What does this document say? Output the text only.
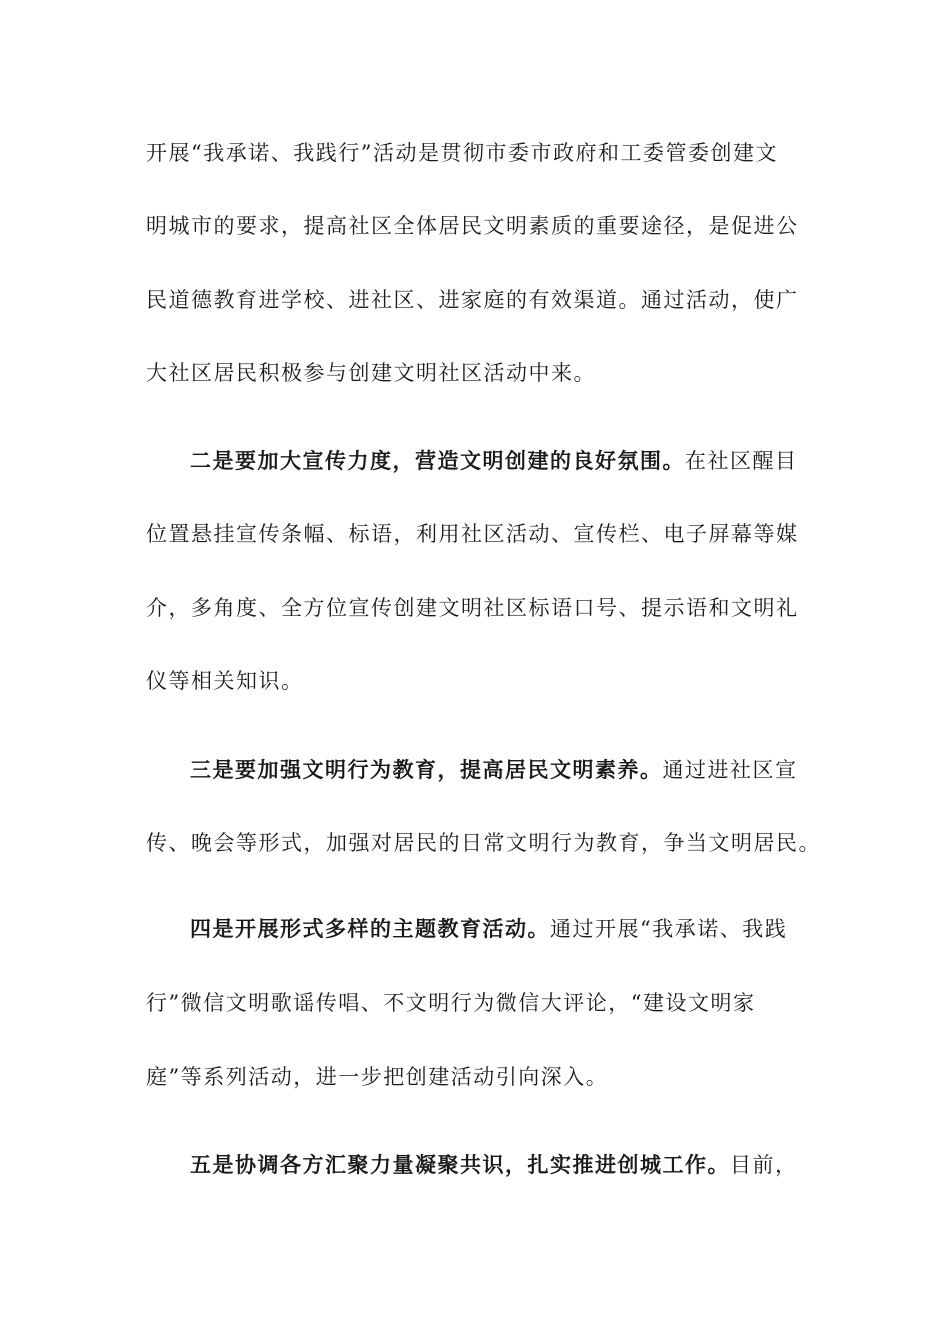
开展“我承诺、我践行”活动是贯彻市委市政府和工委管委创建文
明城市的要求，提高社区全体居民文明素质的重要途径，是促进公
民道德教育进学校、进社区、进家庭的有效渠道。通过活动，使广
大社区居民积极参与创建文明社区活动中来。
二是要加大宣传力度，营造文明创建的良好氛围。在社区醒目
位置悬挂宣传条幅、标语，利用社区活动、宣传栏、电子屏幕等媒
介，多角度、全方位宣传创建文明社区标语口号、提示语和文明礼
仪等相关知识。
三是要加强文明行为教育，提高居民文明素养。通过进社区宣
传、晚会等形式，加强对居民的日常文明行为教育，争当文明居民。
四是开展形式多样的主题教育活动。通过开展“我承诺、我践
行”微信文明歌谣传唱、不文明行为微信大评论，“建设文明家
庭”等系列活动，进一步把创建活动引向深入。
五是协调各方汇聚力量凝聚共识，扎实推进创城工作。目前，
